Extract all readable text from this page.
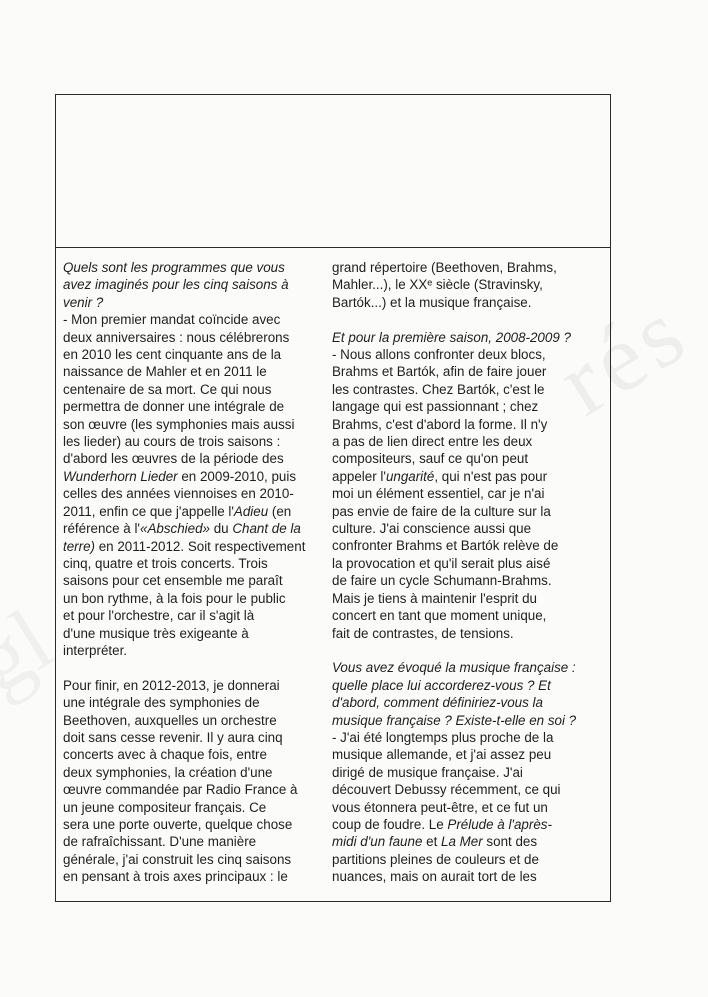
rés
Quels sont les programmes que vous
avez imaginés pour les cinq saisons à
venir ?
- Mon premier mandat coïncide avec
deux anniversaires : nous célébrerons
en 2010 les cent cinquante ans de la
naissance de Mahler et en 2011 le
centenaire de sa mort. Ce qui nous
permettra de donner une intégrale de
son œuvre (les symphonies mais aussi
les lieder) au cours de trois saisons :
d'abord les œuvres de la période des
Wunderhorn Lieder en 2009-2010, puis
celles des années viennoises en 2010-
2011, enfin ce que j'appelle l'Adieu (en
référence à l'«Abschied» du Chant de la
terre) en 2011-2012. Soit respectivement
cinq, quatre et trois concerts. Trois
saisons pour cet ensemble me paraît
un bon rythme, à la fois pour le public
et pour l'orchestre, car il s'agit là
d'une musique très exigeante à
interpréter.
Pour finir, en 2012-2013, je donnerai
une intégrale des symphonies de
Beethoven, auxquelles un orchestre
doit sans cesse revenir. Il y aura cinq
concerts avec à chaque fois, entre
deux symphonies, la création d'une
œuvre commandée par Radio France à
un jeune compositeur français. Ce
sera une porte ouverte, quelque chose
de rafraîchissant. D'une manière
générale, j'ai construit les cinq saisons
en pensant à trois axes principaux : le
grand répertoire (Beethoven, Brahms,
Mahler...), le XXᵉ siècle (Stravinsky,
Bartók...) et la musique française.
Et pour la première saison, 2008-2009 ?
- Nous allons confronter deux blocs,
Brahms et Bartók, afin de faire jouer
les contrastes. Chez Bartók, c'est le
langage qui est passionnant ; chez
Brahms, c'est d'abord la forme. Il n'y
a pas de lien direct entre les deux
compositeurs, sauf ce qu'on peut
appeler l'ungarité, qui n'est pas pour
moi un élément essentiel, car je n'ai
pas envie de faire de la culture sur la
culture. J'ai conscience aussi que
confronter Brahms et Bartók relève de
la provocation et qu'il serait plus aisé
de faire un cycle Schumann-Brahms.
Mais je tiens à maintenir l'esprit du
concert en tant que moment unique,
fait de contrastes, de tensions.
Vous avez évoqué la musique française :
quelle place lui accorderez-vous ? Et
d'abord, comment définiriez-vous la
musique française ? Existe-t-elle en soi ?
- J'ai été longtemps plus proche de la
musique allemande, et j'ai assez peu
dirigé de musique française. J'ai
découvert Debussy récemment, ce qui
vous étonnera peut-être, et ce fut un
coup de foudre. Le Prélude à l'après-
midi d'un faune et La Mer sont des
partitions pleines de couleurs et de
nuances, mais on aurait tort de les
